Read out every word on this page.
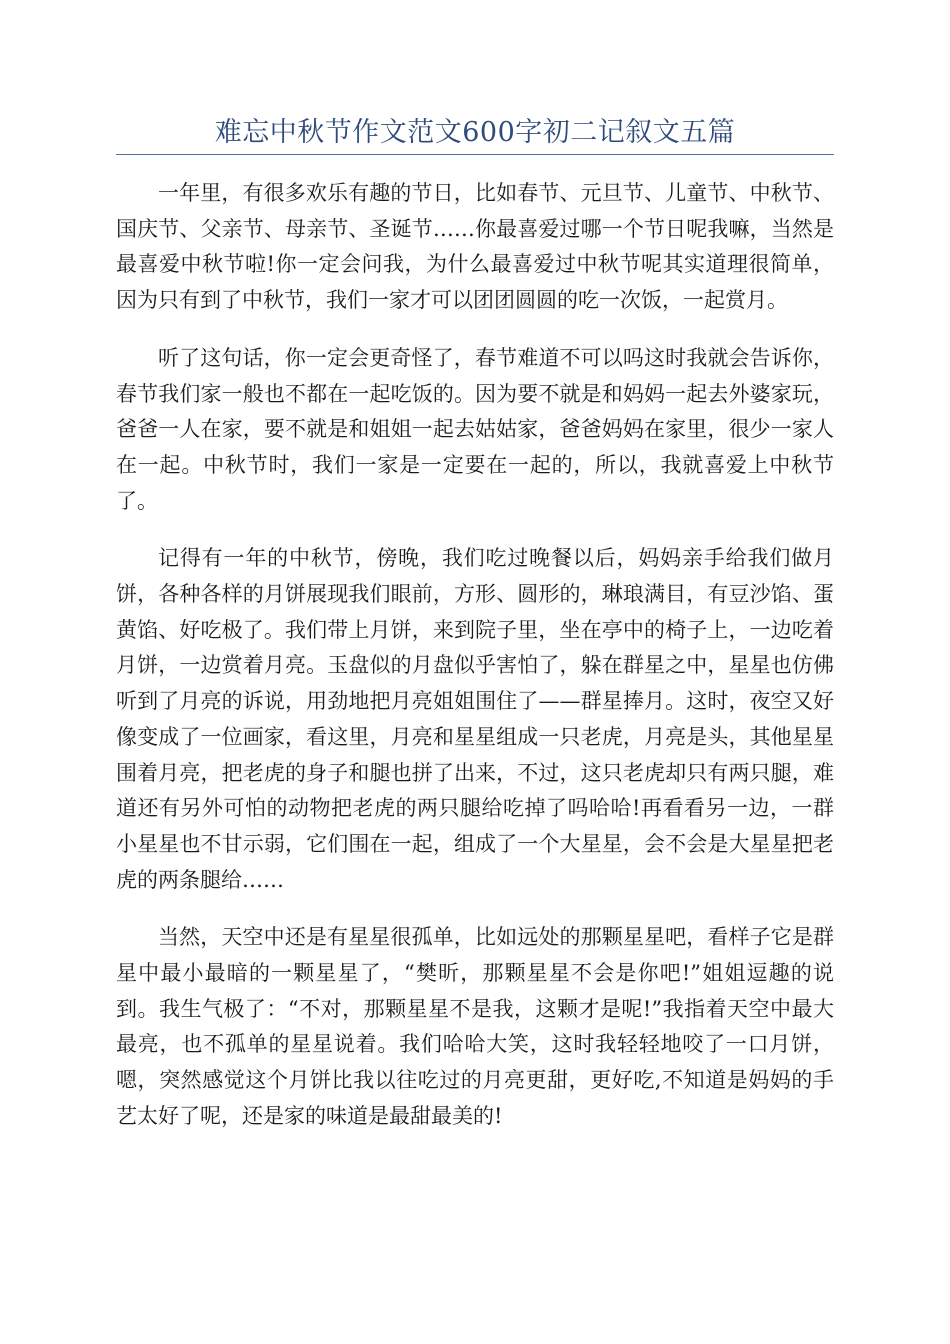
难忘中秋节作文范文600字初二记叙文五篇

一年里，有很多欢乐有趣的节日，比如春节、元旦节、儿童节、中秋节、国庆节、父亲节、母亲节、圣诞节……你最喜爱过哪一个节日呢我嘛，当然是最喜爱中秋节啦!你一定会问我，为什么最喜爱过中秋节呢其实道理很简单，因为只有到了中秋节，我们一家才可以团团圆圆的吃一次饭，一起赏月。

听了这句话，你一定会更奇怪了，春节难道不可以吗这时我就会告诉你，春节我们家一般也不都在一起吃饭的。因为要不就是和妈妈一起去外婆家玩，爸爸一人在家，要不就是和姐姐一起去姑姑家，爸爸妈妈在家里，很少一家人在一起。中秋节时，我们一家是一定要在一起的，所以，我就喜爱上中秋节了。

记得有一年的中秋节，傍晚，我们吃过晚餐以后，妈妈亲手给我们做月饼，各种各样的月饼展现我们眼前，方形、圆形的，琳琅满目，有豆沙馅、蛋黄馅、好吃极了。我们带上月饼，来到院子里，坐在亭中的椅子上，一边吃着月饼，一边赏着月亮。玉盘似的月盘似乎害怕了，躲在群星之中，星星也仿佛听到了月亮的诉说，用劲地把月亮姐姐围住了——群星捧月。这时，夜空又好像变成了一位画家，看这里，月亮和星星组成一只老虎，月亮是头，其他星星围着月亮，把老虎的身子和腿也拼了出来，不过，这只老虎却只有两只腿，难道还有另外可怕的动物把老虎的两只腿给吃掉了吗哈哈!再看看另一边，一群小星星也不甘示弱，它们围在一起，组成了一个大星星，会不会是大星星把老虎的两条腿给……

当然，天空中还是有星星很孤单，比如远处的那颗星星吧，看样子它是群星中最小最暗的一颗星星了，“樊昕，那颗星星不会是你吧!”姐姐逗趣的说到。我生气极了：“不对，那颗星星不是我，这颗才是呢!”我指着天空中最大最亮，也不孤单的星星说着。我们哈哈大笑，这时我轻轻地咬了一口月饼，嗯，突然感觉这个月饼比我以往吃过的月亮更甜，更好吃,不知道是妈妈的手艺太好了呢，还是家的味道是最甜最美的!
